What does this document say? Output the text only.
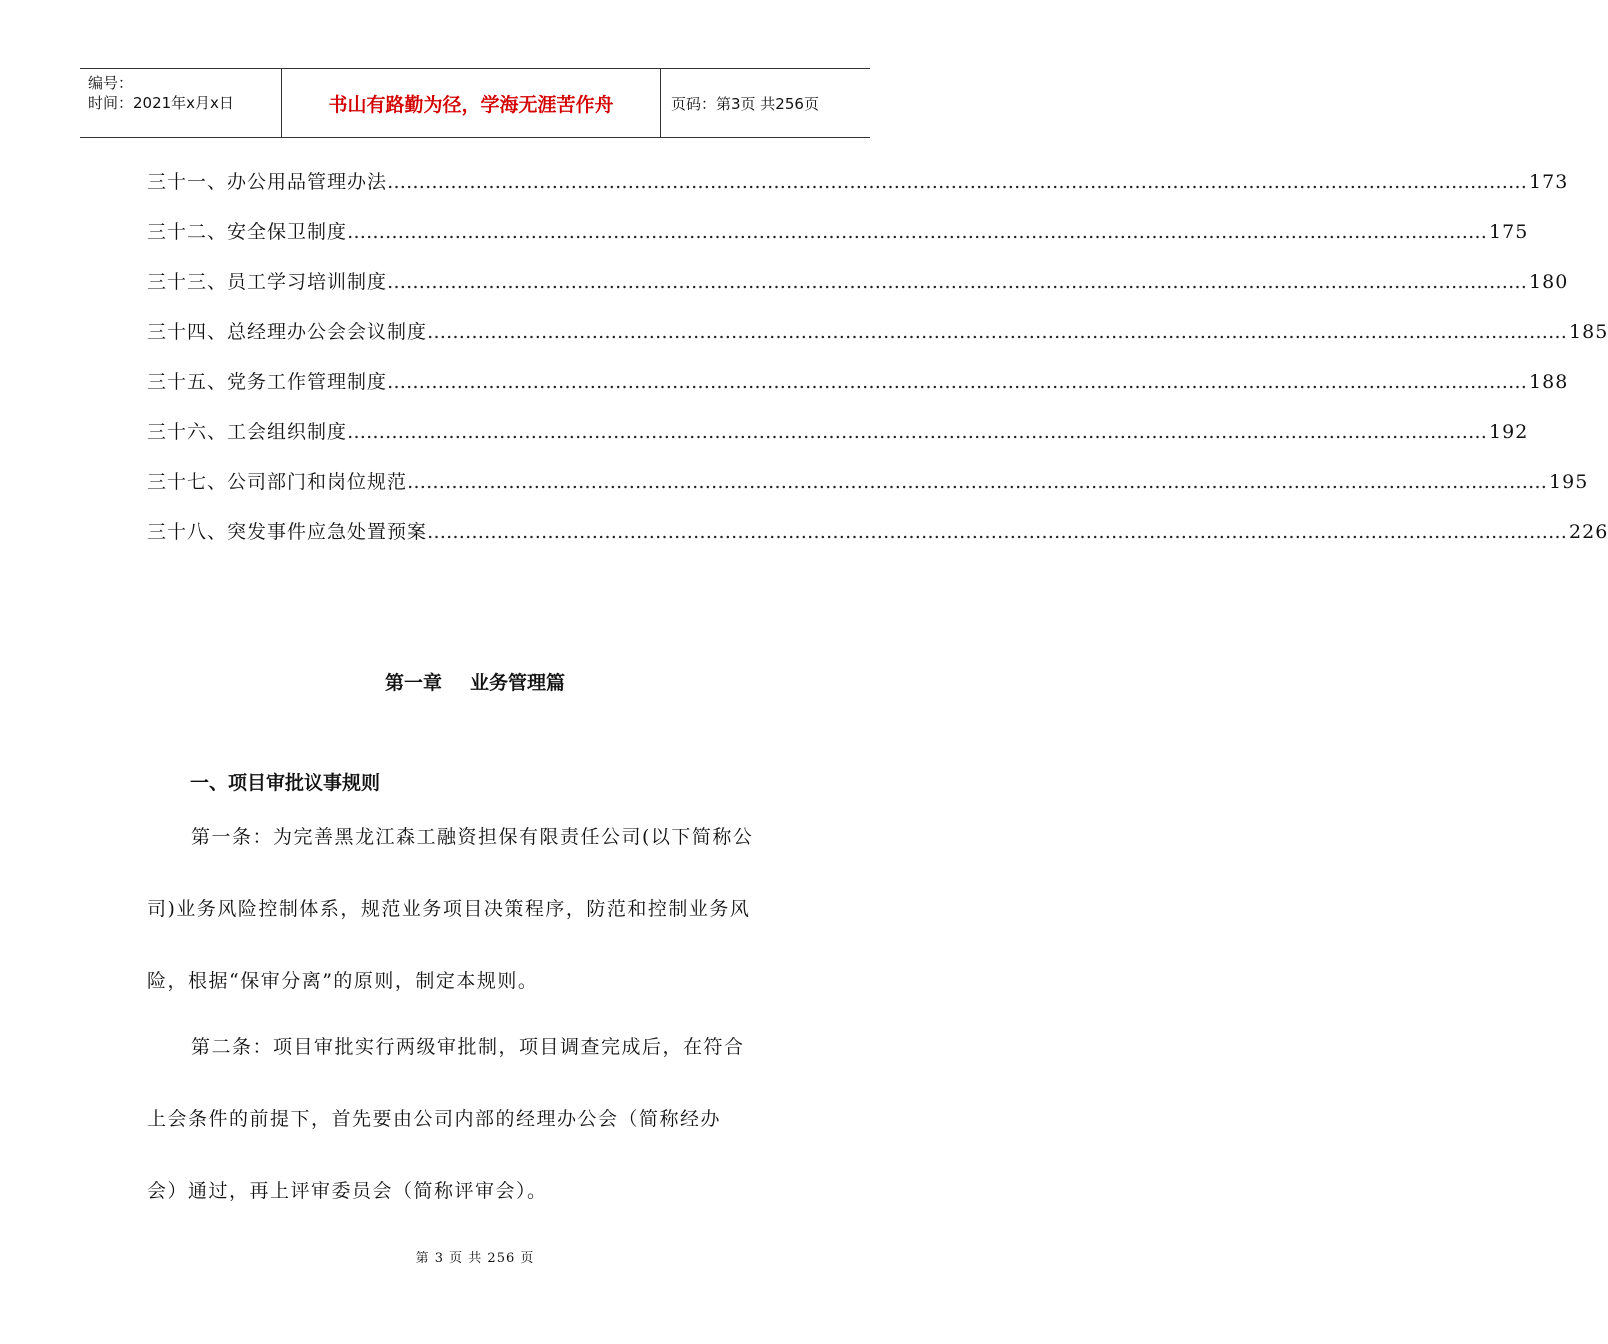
编号：
时间：2021年x月x日	书山有路勤为径，学海无涯苦作舟	页码：第3页 共256页
三十一、办公用品管理办法 ……………………………………………………………………………………………………………………………………………………………… 173
三十二、安全保卫制度 ……………………………………………………………………………………………………………………………………………………………… 175
三十三、员工学习培训制度 ……………………………………………………………………………………………………………………………………………………………… 180
三十四、总经理办公会会议制度 ……………………………………………………………………………………………………………………………………………………………… 185
三十五、党务工作管理制度 ……………………………………………………………………………………………………………………………………………………………… 188
三十六、工会组织制度 ……………………………………………………………………………………………………………………………………………………………… 192
三十七、公司部门和岗位规范 ……………………………………………………………………………………………………………………………………………………………… 195
三十八、突发事件应急处置预案 ……………………………………………………………………………………………………………………………………………………………… 226
第一章 业务管理篇
一、项目审批议事规则
第一条：为完善黑龙江森工融资担保有限责任公司(以下简称公
司)业务风险控制体系，规范业务项目决策程序，防范和控制业务风
险，根据“保审分离”的原则，制定本规则。
第二条：项目审批实行两级审批制，项目调查完成后，在符合
上会条件的前提下，首先要由公司内部的经理办公会（简称经办
会）通过，再上评审委员会（简称评审会）。
第 3 页 共 256 页
